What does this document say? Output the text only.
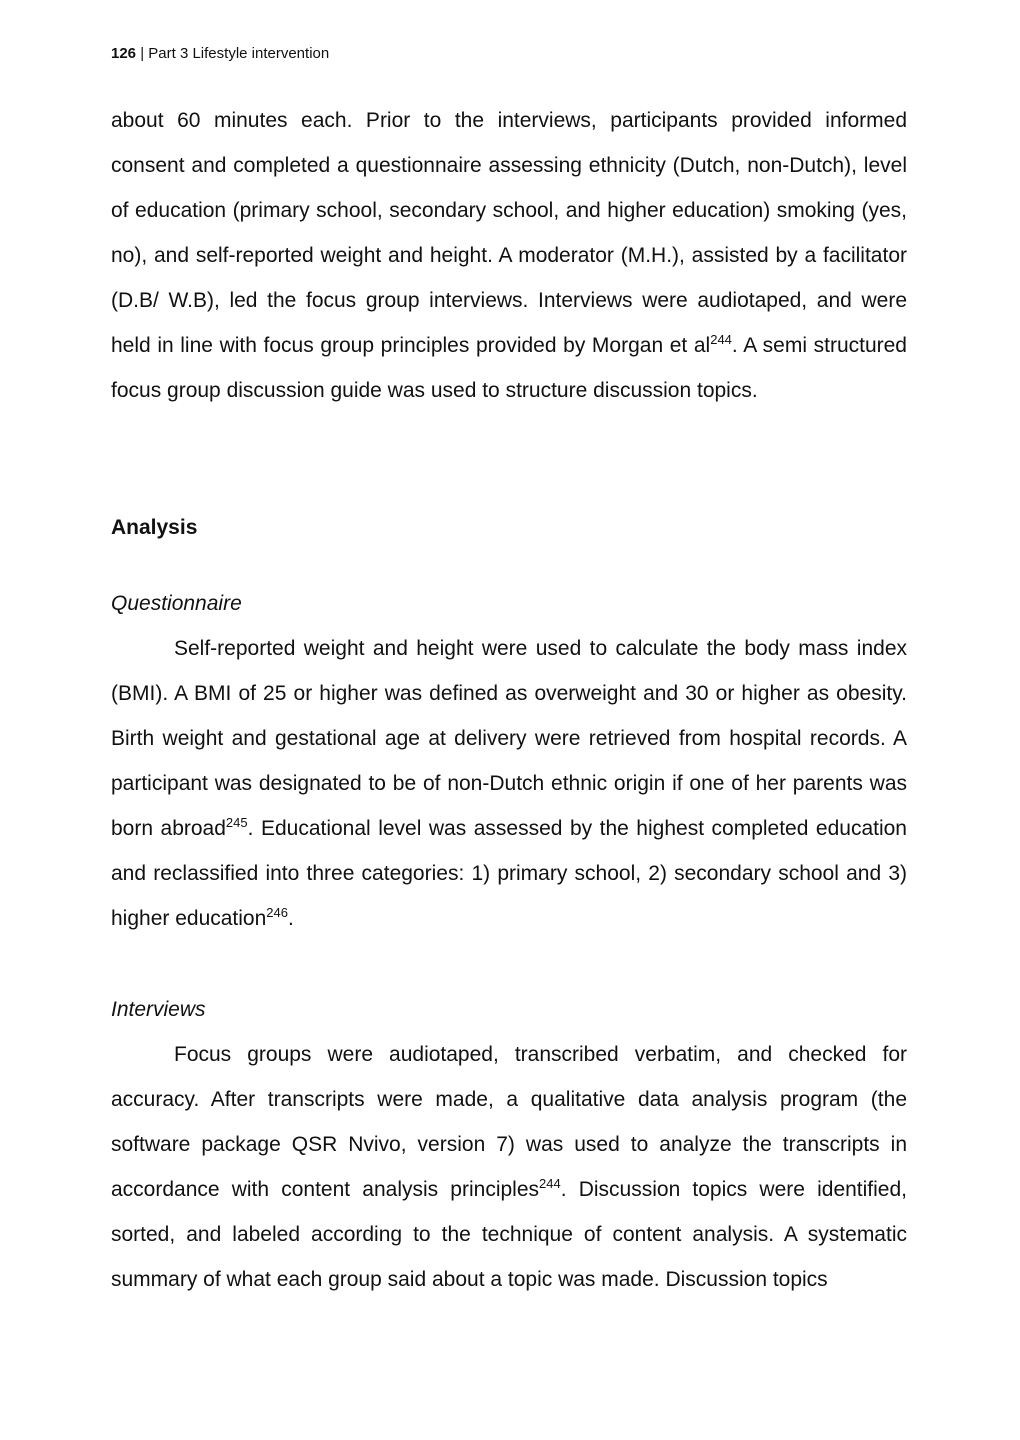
126 | Part 3 Lifestyle intervention

about 60 minutes each. Prior to the interviews, participants provided informed consent and completed a questionnaire assessing ethnicity (Dutch, non-Dutch), level of education (primary school, secondary school, and higher education) smoking (yes, no), and self-reported weight and height. A moderator (M.H.), assisted by a facilitator (D.B/ W.B), led the focus group interviews. Interviews were audiotaped, and were held in line with focus group principles provided by Morgan et $al^{244}$. A semi structured focus group discussion guide was used to structure discussion topics.

Analysis
Questionnaire

Self-reported weight and height were used to calculate the body mass index (BMI). A BMI of 25 or higher was defined as overweight and 30 or higher as obesity. Birth weight and gestational age at delivery were retrieved from hospital records. A participant was designated to be of non-Dutch ethnic origin if one of her parents was born abroad$^{245}$. Educational level was assessed by the highest completed education and reclassified into three categories: 1) primary school, 2) secondary school and 3) higher education$^{246}$.

Interviews

Focus groups were audiotaped, transcribed verbatim, and checked for accuracy. After transcripts were made, a qualitative data analysis program (the software package QSR Nvivo, version 7) was used to analyze the transcripts in accordance with content analysis principles$^{244}$. Discussion topics were identified, sorted, and labeled according to the technique of content analysis. A systematic summary of what each group said about a topic was made. Discussion topics
